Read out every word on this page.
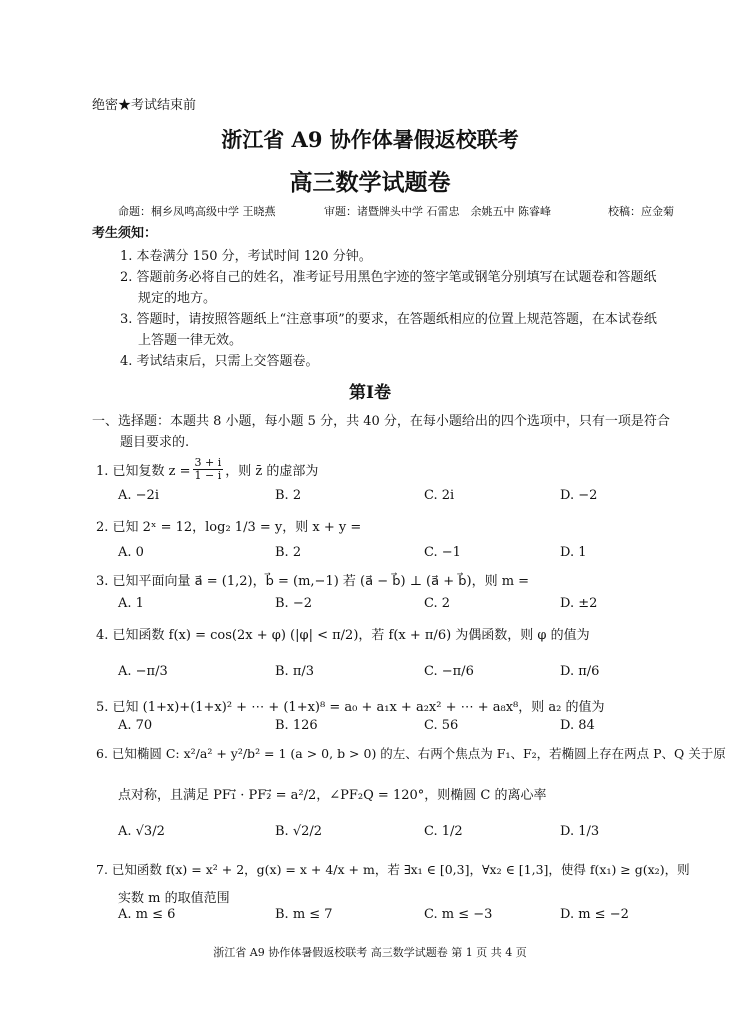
绝密★考试结束前
浙江省 A9 协作体暑假返校联考
高三数学试题卷
命题：桐乡凤鸣高级中学 王晓燕	审题：诸暨牌头中学 石雷忠　余姚五中 陈睿峰	校稿：应金菊
考生须知：
1. 本卷满分 150 分，考试时间 120 分钟。
2. 答题前务必将自己的姓名，准考证号用黑色字迹的签字笔或钢笔分别填写在试题卷和答题纸
规定的地方。
3. 答题时，请按照答题纸上“注意事项”的要求，在答题纸相应的位置上规范答题，在本试卷纸
上答题一律无效。
4. 考试结束后，只需上交答题卷。
第Ⅰ卷
一、选择题：本题共 8 小题，每小题 5 分，共 40 分，在每小题给出的四个选项中，只有一项是符合
题目要求的.
1. 已知复数 $z = \frac{3 + i}{1 - i}$ ，则 z̄ 的虚部为
A. −2i	B. 2	C. 2i	D. −2
2. 已知 2ˣ = 12，log₂ 1/3 = y，则 x + y =
A. 0	B. 2	C. −1	D. 1
3. 已知平面向量 a⃗ = (1,2)，b⃗ = (m,−1) 若 (a⃗ − b⃗) ⊥ (a⃗ + b⃗)，则 m =
A. 1	B. −2	C. 2	D. ±2
4. 已知函数 f(x) = cos(2x + φ) (|φ| < π/2)，若 f(x + π/6) 为偶函数，则 φ 的值为
A. −π/3	B. π/3	C. −π/6	D. π/6
5. 已知 (1+x)+(1+x)² + ⋯ + (1+x)⁸ = a₀ + a₁x + a₂x² + ⋯ + a₈x⁸，则 a₂ 的值为
A. 70	B. 126	C. 56	D. 84
6. 已知椭圆 C: x²/a² + y²/b² = 1 (a > 0, b > 0) 的左、右两个焦点为 F₁、F₂，若椭圆上存在两点 P、Q 关于原
点对称，且满足 PF₁⃗ · PF₂⃗ = a²/2，∠PF₂Q = 120°，则椭圆 C 的离心率
A. √3/2	B. √2/2	C. 1/2	D. 1/3
7. 已知函数 f(x) = x² + 2，g(x) = x + 4/x + m，若 ∃x₁ ∈ [0,3]，∀x₂ ∈ [1,3]，使得 f(x₁) ≥ g(x₂)，则
实数 m 的取值范围
A. m ≤ 6	B. m ≤ 7	C. m ≤ −3	D. m ≤ −2
浙江省 A9 协作体暑假返校联考 高三数学试题卷 第 1 页 共 4 页
